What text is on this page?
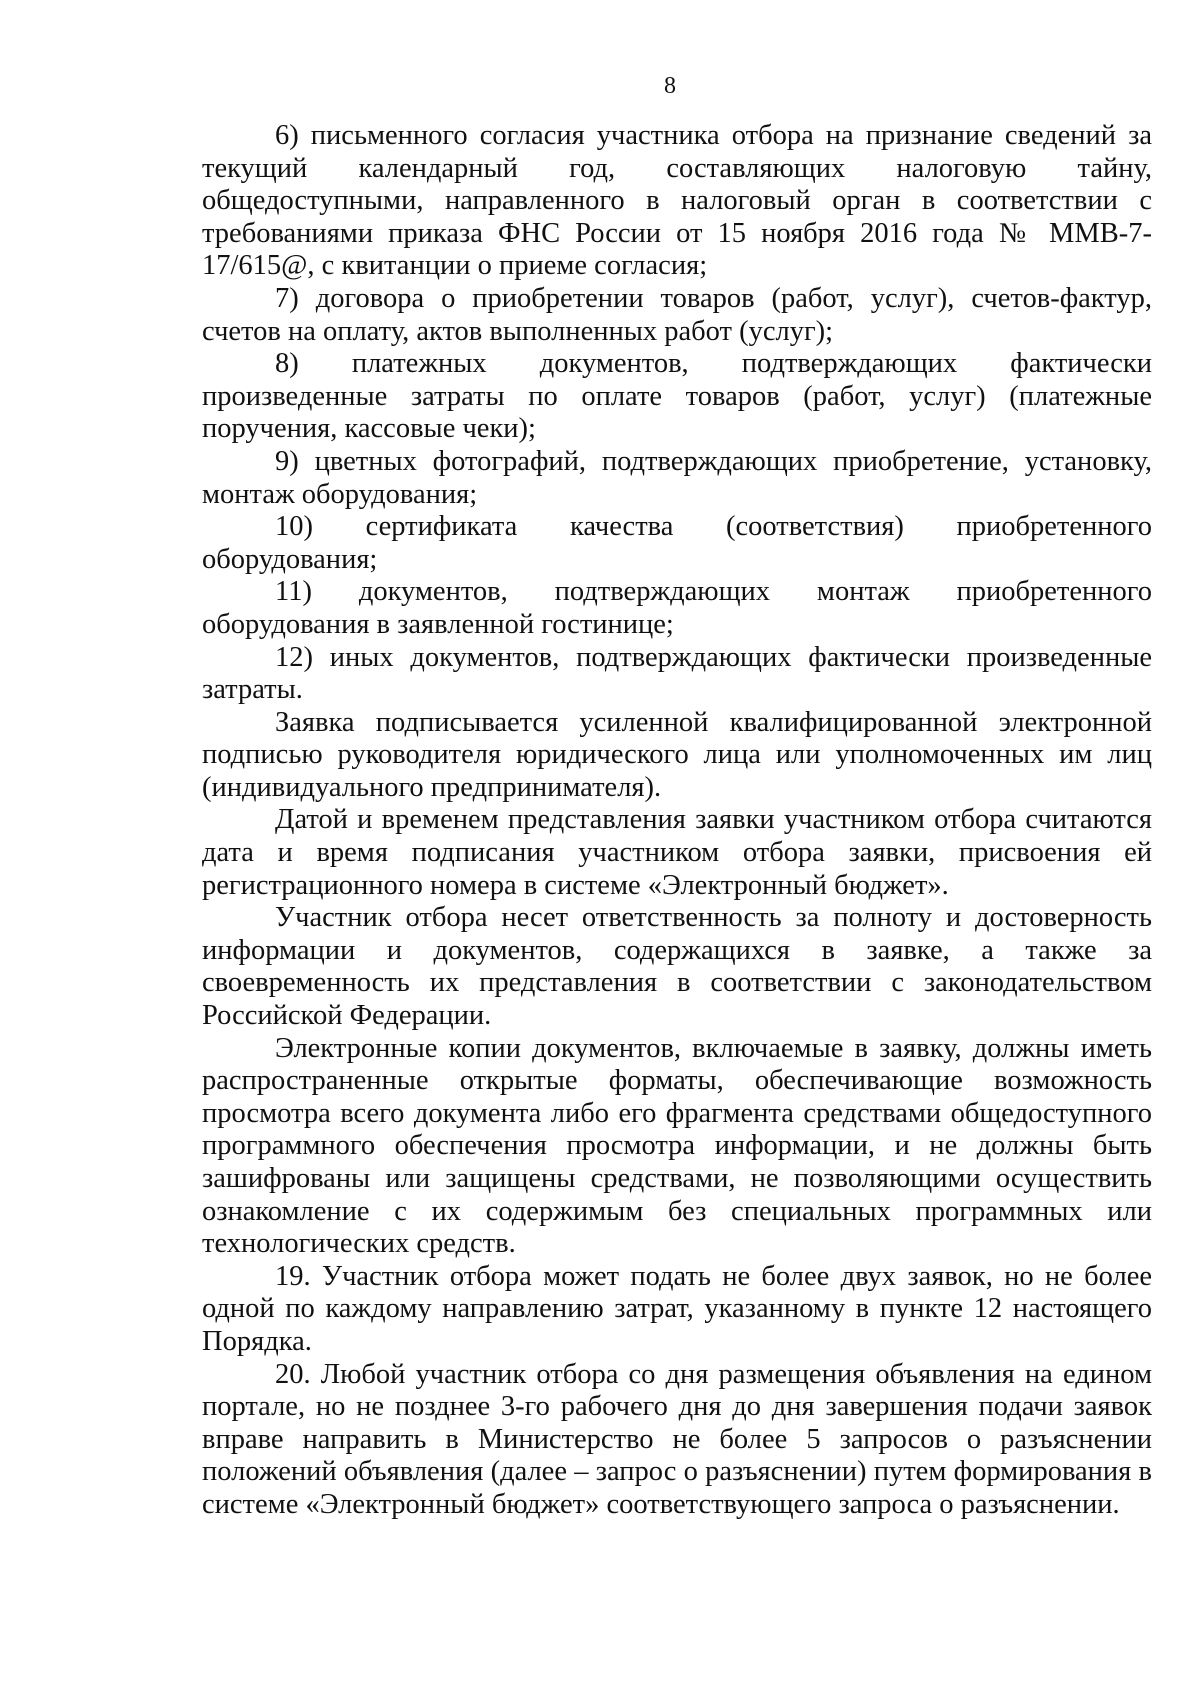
8

6) письменного согласия участника отбора на признание сведений за текущий календарный год, составляющих налоговую тайну, общедоступными, направленного в налоговый орган в соответствии с требованиями приказа ФНС России от 15 ноября 2016 года № ММВ-7-17/615@, с квитанции о приеме согласия;

7) договора о приобретении товаров (работ, услуг), счетов-фактур, счетов на оплату, актов выполненных работ (услуг);

8) платежных документов, подтверждающих фактически произведенные затраты по оплате товаров (работ, услуг) (платежные поручения, кассовые чеки);

9) цветных фотографий, подтверждающих приобретение, установку, монтаж оборудования;

10) сертификата качества (соответствия) приобретенного оборудования;

11) документов, подтверждающих монтаж приобретенного оборудования в заявленной гостинице;

12) иных документов, подтверждающих фактически произведенные затраты.

Заявка подписывается усиленной квалифицированной электронной подписью руководителя юридического лица или уполномоченных им лиц (индивидуального предпринимателя).

Датой и временем представления заявки участником отбора считаются дата и время подписания участником отбора заявки, присвоения ей регистрационного номера в системе «Электронный бюджет».

Участник отбора несет ответственность за полноту и достоверность информации и документов, содержащихся в заявке, а также за своевременность их представления в соответствии с законодательством Российской Федерации.

Электронные копии документов, включаемые в заявку, должны иметь распространенные открытые форматы, обеспечивающие возможность просмотра всего документа либо его фрагмента средствами общедоступного программного обеспечения просмотра информации, и не должны быть зашифрованы или защищены средствами, не позволяющими осуществить ознакомление с их содержимым без специальных программных или технологических средств.

19. Участник отбора может подать не более двух заявок, но не более одной по каждому направлению затрат, указанному в пункте 12 настоящего Порядка.

20. Любой участник отбора со дня размещения объявления на едином портале, но не позднее 3-го рабочего дня до дня завершения подачи заявок вправе направить в Министерство не более 5 запросов о разъяснении положений объявления (далее – запрос о разъяснении) путем формирования в системе «Электронный бюджет» соответствующего запроса о разъяснении.
